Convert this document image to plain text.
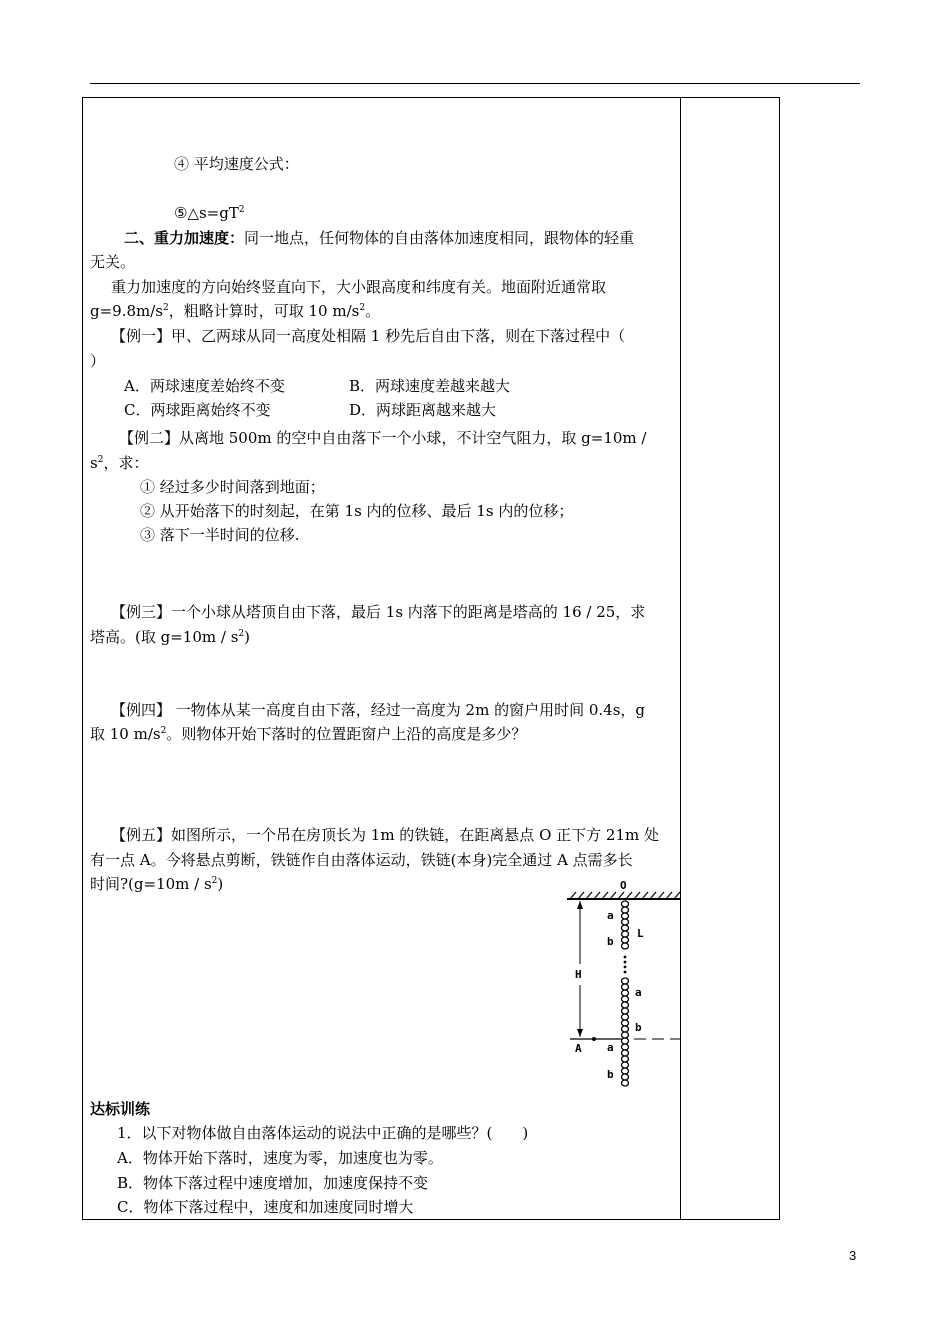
④ 平均速度公式：
$⑤\triangle s=gT^2$
二、重力加速度：同一地点，任何物体的自由落体加速度相同，跟物体的轻重
无关。
重力加速度的方向始终竖直向下，大小跟高度和纬度有关。地面附近通常取
$g=9.8m/s^2$，粗略计算时，可取 10 $m/s^2$。
【例一】甲、乙两球从同一高度处相隔 1 秒先后自由下落，则在下落过程中（
）
A．两球速度差始终不变	B．两球速度差越来越大
C．两球距离始终不变	D．两球距离越来越大
【例二】从离地 500m 的空中自由落下一个小球，不计空气阻力，取 g=10m /
$s^2$，求：
① 经过多少时间落到地面；
② 从开始落下的时刻起，在第 1s 内的位移、最后 1s 内的位移；
③ 落下一半时间的位移.
【例三】一个小球从塔顶自由下落，最后 1s 内落下的距离是塔高的 16 / 25，求
塔高。(取 $g=10m / s^2$)
【例四】 一物体从某一高度自由下落，经过一高度为 2m 的窗户用时间 0.4s，g
取 10 $m/s^2$。则物体开始下落时的位置距窗户上沿的高度是多少？
【例五】如图所示，一个吊在房顶长为 1m 的铁链，在距离悬点 O 正下方 21m 处
有一点 A。今将悬点剪断，铁链作自由落体运动，铁链(本身)完全通过 A 点需多长
时间?(g=10m / $s^2$)	O
L
H
A
a
b
a
b
a
b
达标训练
1．以下对物体做自由落体运动的说法中正确的是哪些？(　　)
A．物体开始下落时，速度为零，加速度也为零。
B．物体下落过程中速度增加，加速度保持不变
C．物体下落过程中，速度和加速度同时增大
3
